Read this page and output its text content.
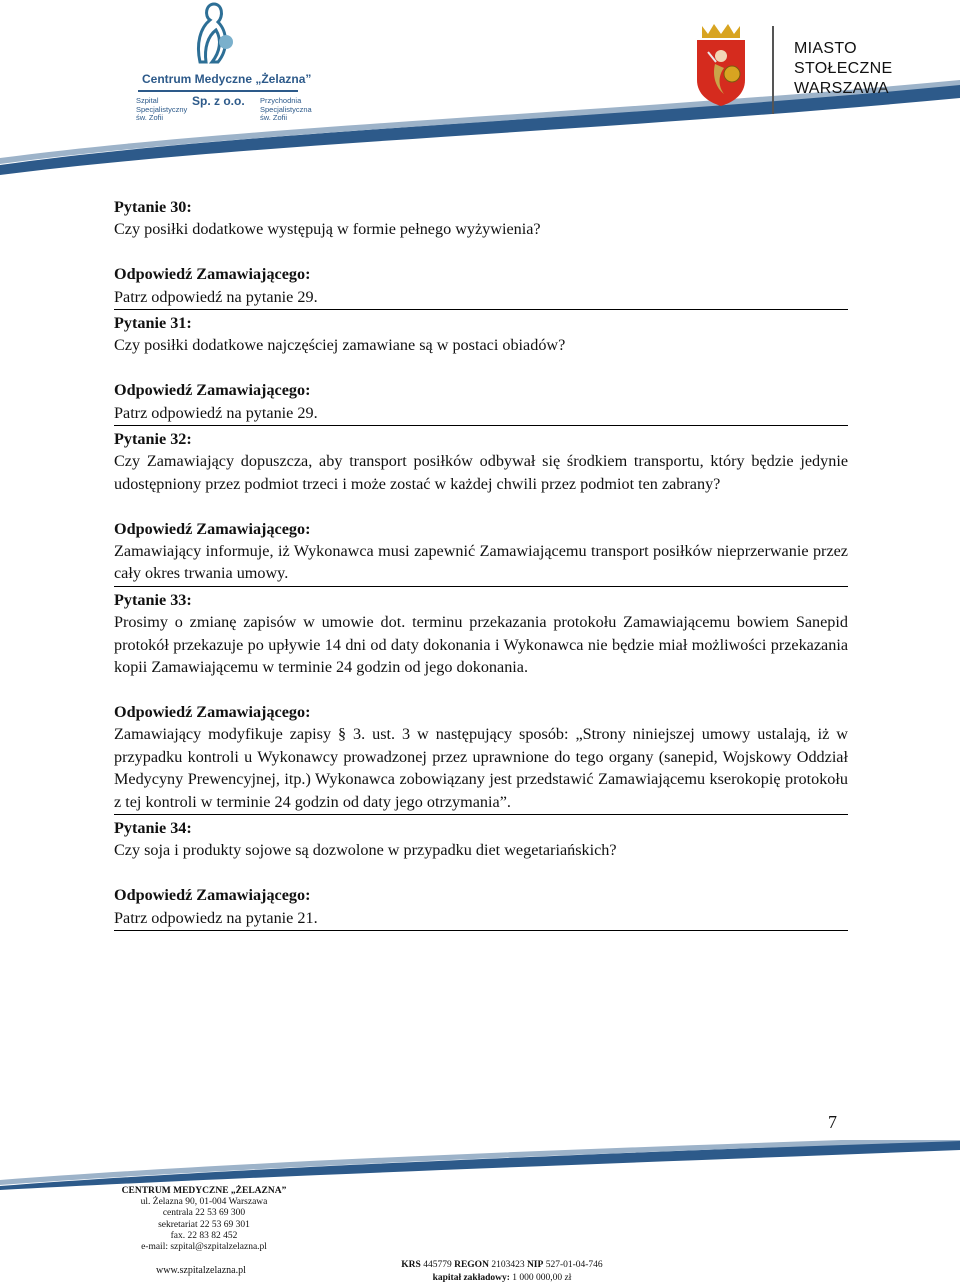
Centrum Medyczne „Żelazna”
Szpital
Specjalistyczny
św. Zofii
Sp. z o.o. Przychodnia
Specjalistyczna
św. Zofii
MIASTO
STOŁECZNE
WARSZAWA
Pytanie 30:
Czy posiłki dodatkowe występują w formie pełnego wyżywienia?
Odpowiedź Zamawiającego:
Patrz odpowiedź na pytanie 29.
Pytanie 31:
Czy posiłki dodatkowe najczęściej zamawiane są w postaci obiadów?
Odpowiedź Zamawiającego:
Patrz odpowiedź na pytanie 29.
Pytanie 32:
Czy Zamawiający dopuszcza, aby transport posiłków odbywał się środkiem transportu, który będzie jedynie udostępniony przez podmiot trzeci i może zostać w każdej chwili przez podmiot ten zabrany?
Odpowiedź Zamawiającego:
Zamawiający informuje, iż Wykonawca musi zapewnić Zamawiającemu transport posiłków nieprzerwanie przez cały okres trwania umowy.
Pytanie 33:
Prosimy o zmianę zapisów w umowie dot. terminu przekazania protokołu Zamawiającemu bowiem Sanepid protokół przekazuje po upływie 14 dni od daty dokonania i Wykonawca nie będzie miał możliwości przekazania kopii Zamawiającemu w terminie 24 godzin od jego dokonania.
Odpowiedź Zamawiającego:
Zamawiający modyfikuje zapisy § 3. ust. 3 w następujący sposób: „Strony niniejszej umowy ustalają, iż w przypadku kontroli u Wykonawcy prowadzonej przez uprawnione do tego organy (sanepid, Wojskowy Oddział Medycyny Prewencyjnej, itp.) Wykonawca zobowiązany jest przedstawić Zamawiającemu kserokopię protokołu z tej kontroli w terminie 24 godzin od daty jego otrzymania”.
Pytanie 34:
Czy soja i produkty sojowe są dozwolone w przypadku diet wegetariańskich?
Odpowiedź Zamawiającego:
Patrz odpowiedz na pytanie 21.
7
CENTRUM MEDYCZNE „ŻELAZNA”
ul. Żelazna 90, 01-004 Warszawa
centrala 22 53 69 300
sekretariat 22 53 69 301
fax. 22 83 82 452
e-mail: szpital@szpitalzelazna.pl
www.szpitalzelazna.pl	KRS 445779 REGON 2103423 NIP 527-01-04-746
kapitał zakładowy: 1 000 000,00 zł
